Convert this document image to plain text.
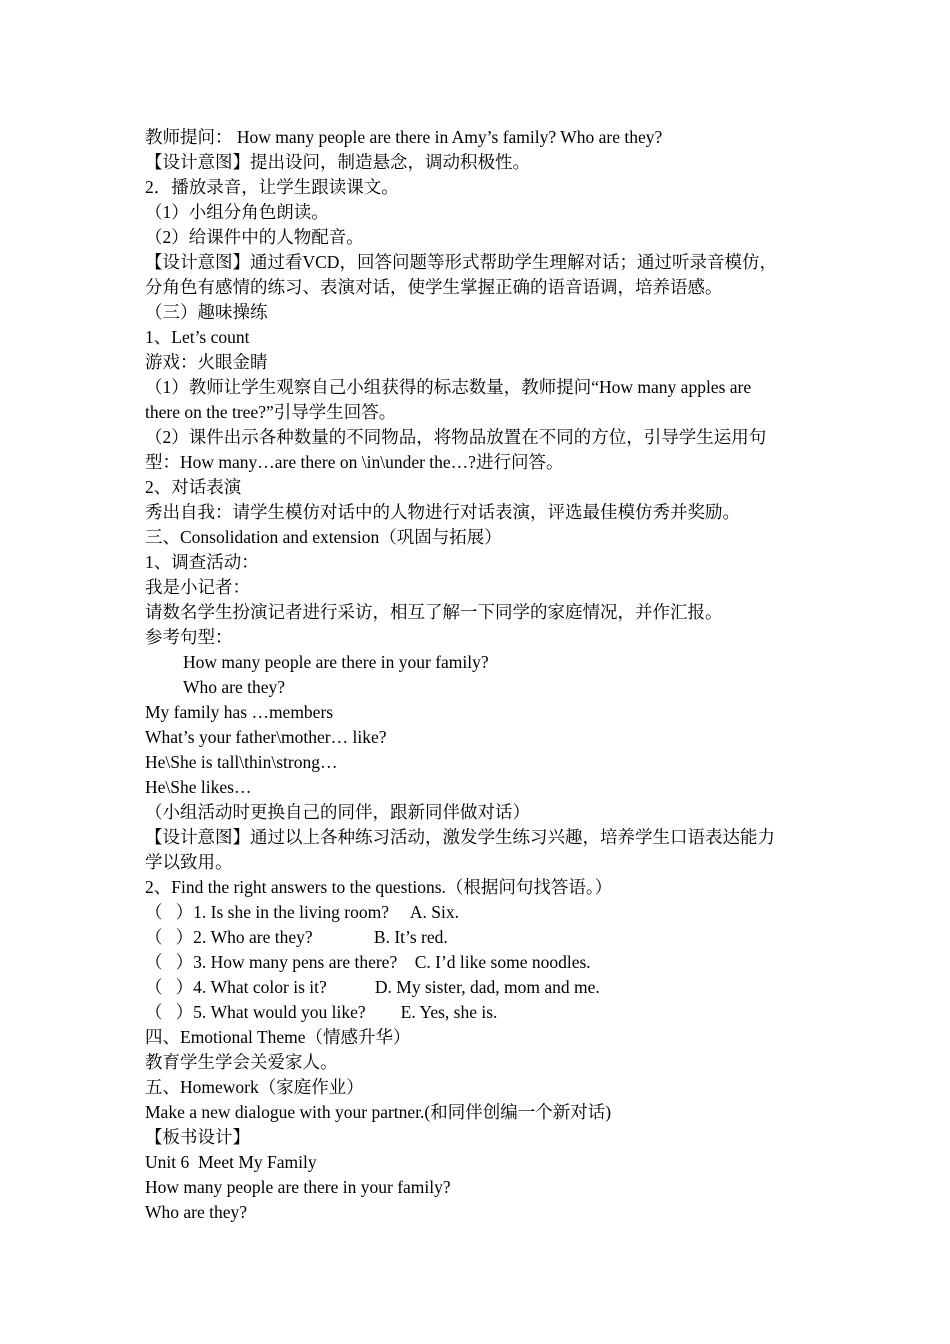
教师提问： How many people are there in Amy’s family? Who are they?
【设计意图】提出设问，制造悬念，调动积极性。
2．播放录音，让学生跟读课文。
（1）小组分角色朗读。
（2）给课件中的人物配音。
【设计意图】通过看VCD，回答问题等形式帮助学生理解对话；通过听录音模仿，
分角色有感情的练习、表演对话，使学生掌握正确的语音语调，培养语感。
（三）趣味操练
1、Let’s count
游戏：火眼金睛
（1）教师让学生观察自己小组获得的标志数量，教师提问“How many apples are
there on the tree?”引导学生回答。
（2）课件出示各种数量的不同物品，将物品放置在不同的方位，引导学生运用句
型：How many…are there on \in\under the…?进行问答。
2、对话表演
秀出自我：请学生模仿对话中的人物进行对话表演，评选最佳模仿秀并奖励。
三、Consolidation and extension（巩固与拓展）
1、调查活动：
我是小记者：
请数名学生扮演记者进行采访，相互了解一下同学的家庭情况，并作汇报。
参考句型：
How many people are there in your family?
Who are they?
My family has …members
What’s your father\mother… like?
He\She is tall\thin\strong…
He\She likes…
（小组活动时更换自己的同伴，跟新同伴做对话）
【设计意图】通过以上各种练习活动，激发学生练习兴趣，培养学生口语表达能力
学以致用。
2、Find the right answers to the questions.（根据问句找答语。）
（   ）1. Is she in the living room?     A. Six.
（   ）2. Who are they?              B. It’s red.
（   ）3. How many pens are there?    C. I’d like some noodles.
（   ）4. What color is it?           D. My sister, dad, mom and me.
（   ）5. What would you like?        E. Yes, she is.
四、Emotional Theme（情感升华）
教育学生学会关爱家人。
五、Homework（家庭作业）
Make a new dialogue with your partner.(和同伴创编一个新对话)
【板书设计】
Unit 6  Meet My Family
How many people are there in your family?
Who are they?
